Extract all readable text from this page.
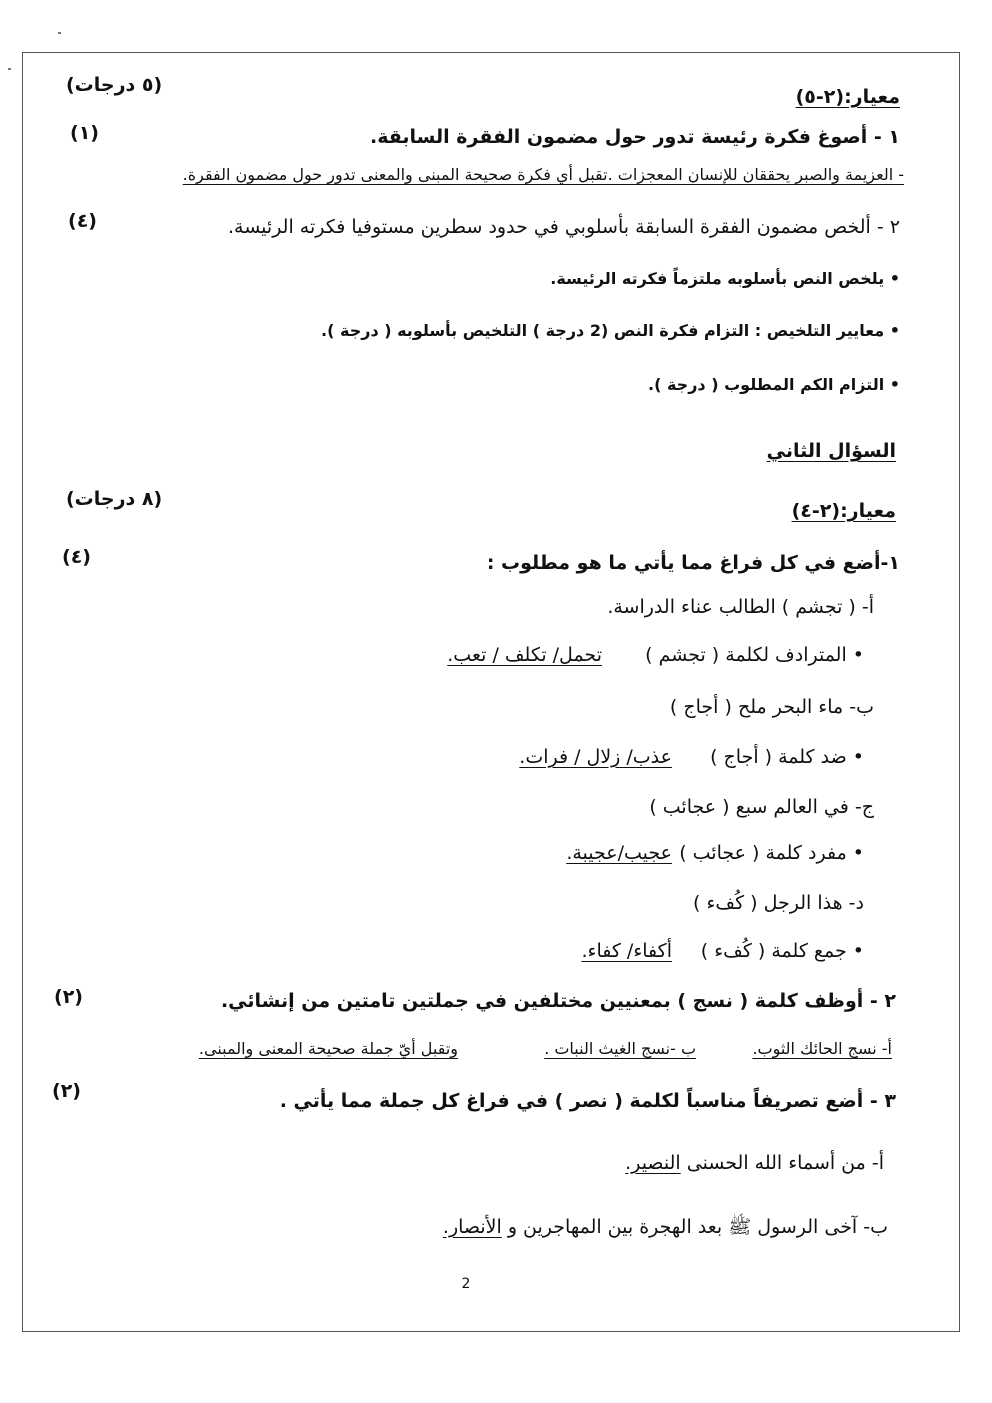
معيار:(٢-٥)
(٥ درجات)
١ - أصوغ فكرة رئيسة تدور حول مضمون الفقرة السابقة.
(١)
- العزيمة والصبر يحققان للإنسان المعجزات .تقبل أي فكرة صحيحة المبنى والمعنى تدور حول مضمون الفقرة.
٢ - ألخص مضمون الفقرة السابقة بأسلوبي في حدود سطرين مستوفيا فكرته الرئيسة.
(٤)
• يلخص النص بأسلوبه ملتزماً فكرته الرئيسة.
• معايير التلخيص : التزام فكرة النص (2 درجة ) التلخيص بأسلوبه ( درجة ).
• التزام الكم المطلوب ( درجة ).
السؤال الثاني
معيار:(٢-٤)
(٨ درجات)
١-أضع في كل فراغ مما يأتي ما هو مطلوب :
(٤)
أ- ( تجشم ) الطالب عناء الدراسة.
• المترادف لكلمة ( تجشم )
تحمل/ تكلف / تعب.
ب- ماء البحر ملح ( أجاج )
• ضد كلمة ( أجاج )
عذب/ زلال / فرات.
ج- في العالم سبع ( عجائب )
• مفرد كلمة ( عجائب )
عجيب/عجيبة.
د- هذا الرجل ( كُفء )
• جمع كلمة ( كُفء )
أكفاء/ كفاء.
٢ - أوظف كلمة ( نسج ) بمعنيين مختلفين في جملتين تامتين من إنشائي.
(٢)
أ- نسج الحائك الثوب.
ب -نسج الغيث النبات .
وتقبل أيّ جملة صحيحة المعنى والمبنى.
٣ - أضع تصريفاً مناسباً لكلمة ( نصر ) في فراغ كل جملة مما يأتي .
(٢)
أ- من أسماء الله الحسنى النصير.
ب- آخى الرسول ﷺ بعد الهجرة بين المهاجرين و الأنصار.
2
